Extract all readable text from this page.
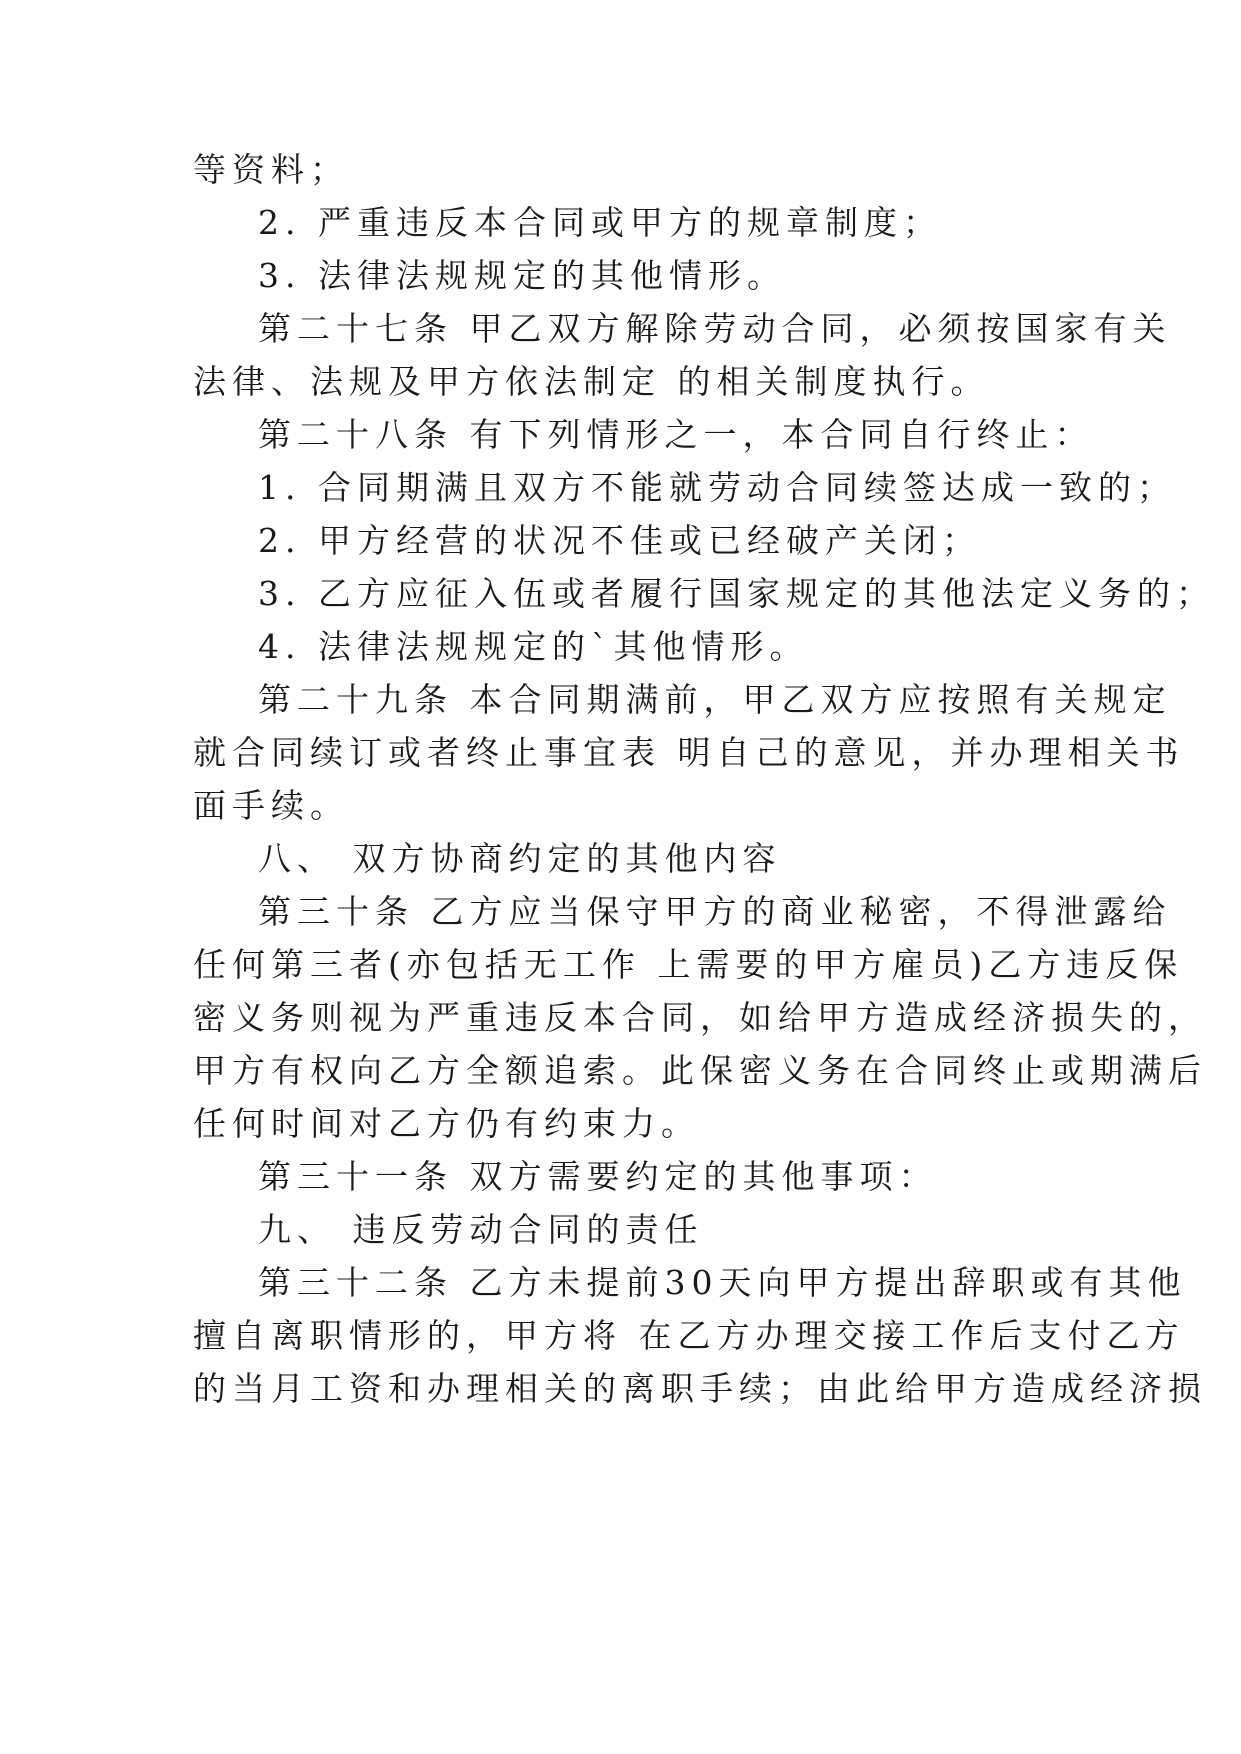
等资料；
2. 严重违反本合同或甲方的规章制度；
3. 法律法规规定的其他情形。
第二十七条 甲乙双方解除劳动合同，必须按国家有关
法律、法规及甲方依法制定 的相关制度执行。
第二十八条 有下列情形之一，本合同自行终止：
1. 合同期满且双方不能就劳动合同续签达成一致的；
2. 甲方经营的状况不佳或已经破产关闭；
3. 乙方应征入伍或者履行国家规定的其他法定义务的；
4. 法律法规规定的`其他情形。
第二十九条 本合同期满前，甲乙双方应按照有关规定
就合同续订或者终止事宜表 明自己的意见，并办理相关书
面手续。
八、 双方协商约定的其他内容
第三十条 乙方应当保守甲方的商业秘密，不得泄露给
任何第三者(亦包括无工作 上需要的甲方雇员)乙方违反保
密义务则视为严重违反本合同，如给甲方造成经济损失的，
甲方有权向乙方全额追索。此保密义务在合同终止或期满后
任何时间对乙方仍有约束力。
第三十一条 双方需要约定的其他事项：
九、 违反劳动合同的责任
第三十二条 乙方未提前30天向甲方提出辞职或有其他
擅自离职情形的，甲方将 在乙方办理交接工作后支付乙方
的当月工资和办理相关的离职手续；由此给甲方造成经济损
